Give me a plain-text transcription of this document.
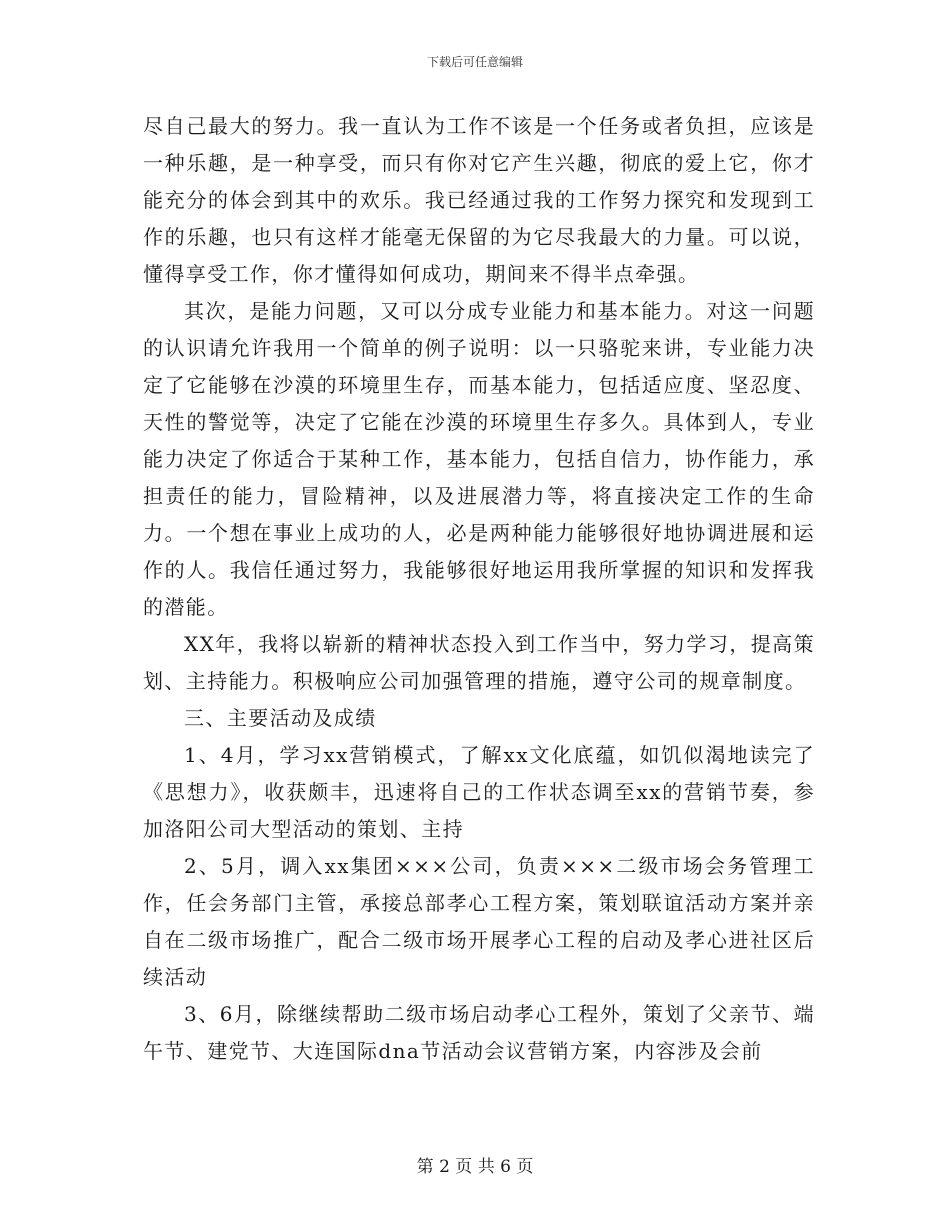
下载后可任意编辑

尽自己最大的努力。我一直认为工作不该是一个任务或者负担，应该是一种乐趣，是一种享受，而只有你对它产生兴趣，彻底的爱上它，你才能充分的体会到其中的欢乐。我已经通过我的工作努力探究和发现到工作的乐趣，也只有这样才能毫无保留的为它尽我最大的力量。可以说，懂得享受工作，你才懂得如何成功，期间来不得半点牵强。

其次，是能力问题，又可以分成专业能力和基本能力。对这一问题的认识请允许我用一个简单的例子说明：以一只骆驼来讲，专业能力决定了它能够在沙漠的环境里生存，而基本能力，包括适应度、坚忍度、天性的警觉等，决定了它能在沙漠的环境里生存多久。具体到人，专业能力决定了你适合于某种工作，基本能力，包括自信力，协作能力，承担责任的能力，冒险精神，以及进展潜力等，将直接决定工作的生命力。一个想在事业上成功的人，必是两种能力能够很好地协调进展和运作的人。我信任通过努力，我能够很好地运用我所掌握的知识和发挥我的潜能。

XX年，我将以崭新的精神状态投入到工作当中，努力学习，提高策划、主持能力。积极响应公司加强管理的措施，遵守公司的规章制度。

三、主要活动及成绩

1、4月，学习xx营销模式，了解xx文化底蕴，如饥似渴地读完了《思想力》，收获颇丰，迅速将自己的工作状态调至xx的营销节奏，参加洛阳公司大型活动的策划、主持

2、5月，调入xx集团×××公司，负责×××二级市场会务管理工作，任会务部门主管，承接总部孝心工程方案，策划联谊活动方案并亲自在二级市场推广，配合二级市场开展孝心工程的启动及孝心进社区后续活动

3、6月，除继续帮助二级市场启动孝心工程外，策划了父亲节、端午节、建党节、大连国际dna节活动会议营销方案，内容涉及会前

第 2 页 共 6 页
